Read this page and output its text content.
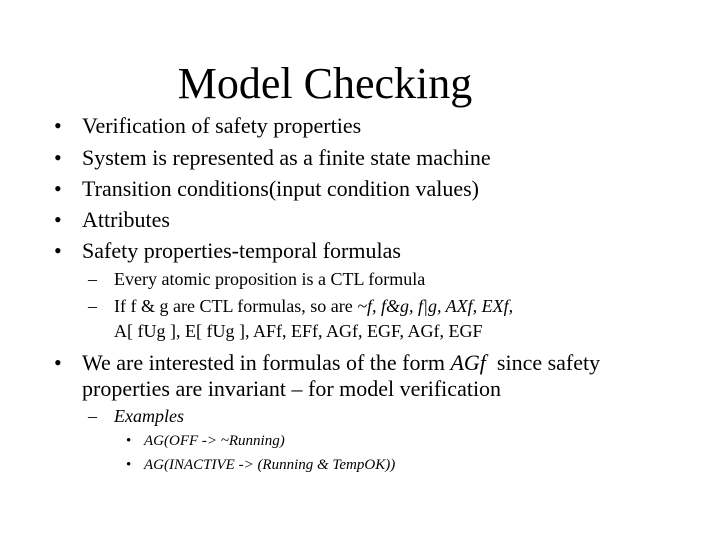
Model Checking
• Verification of safety properties
• System is represented as a finite state machine
• Transition conditions(input condition values)
• Attributes
• Safety properties-temporal formulas
– Every atomic proposition is a CTL formula
– If f & g are CTL formulas, so are ~f, f&g, f|g, AXf, EXf,
A[ fUg ], E[ fUg ], AFf, EFf, AGf, EGF, AGf, EGF
• We are interested in formulas of the form AGf  since safety
properties are invariant – for model verification
– Examples
• AG(OFF -> ~Running)
• AG(INACTIVE -> (Running & TempOK))
